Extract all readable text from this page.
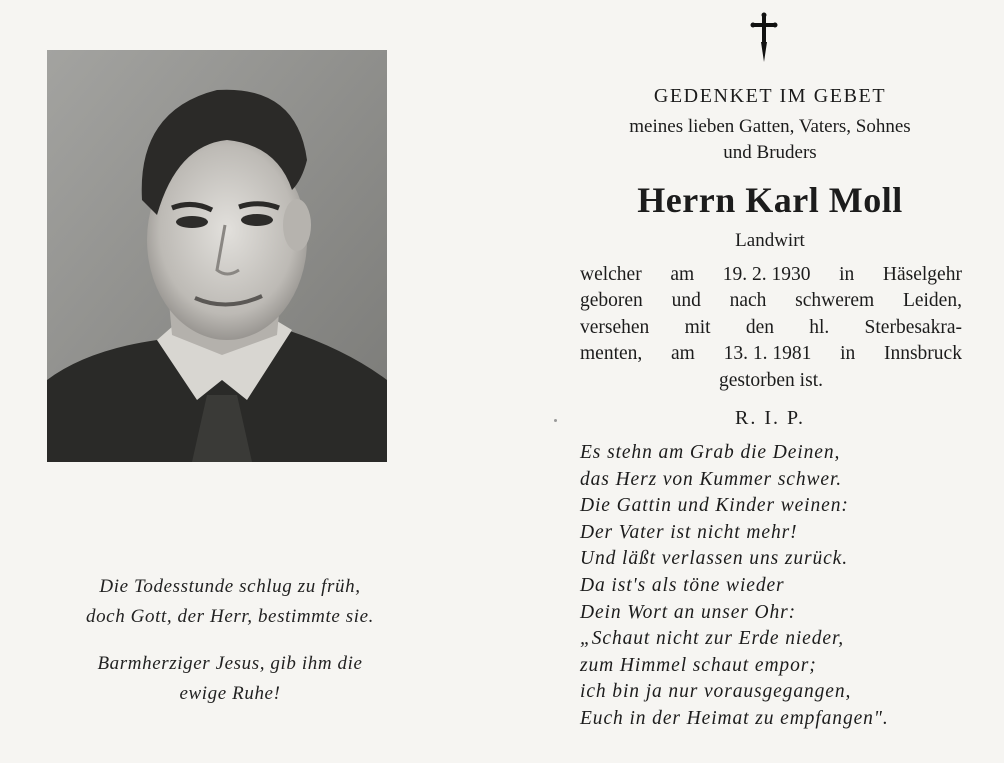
Die Todesstunde schlug zu früh,
doch Gott, der Herr, bestimmte sie.
Barmherziger Jesus, gib ihm die
ewige Ruhe!
GEDENKET IM GEBET
meines lieben Gatten, Vaters, Sohnes
und Bruders
Herrn Karl Moll
Landwirt
welcher am 19. 2. 1930 in Häselgehr
geboren und nach schwerem Leiden,
versehen mit den hl. Sterbesakra-
menten, am 13. 1. 1981 in Innsbruck
gestorben ist.
R. I. P.
Es stehn am Grab die Deinen,
das Herz von Kummer schwer.
Die Gattin und Kinder weinen:
Der Vater ist nicht mehr!
Und läßt verlassen uns zurück.
Da ist's als töne wieder
Dein Wort an unser Ohr:
„Schaut nicht zur Erde nieder,
zum Himmel schaut empor;
ich bin ja nur vorausgegangen,
Euch in der Heimat zu empfangen".
